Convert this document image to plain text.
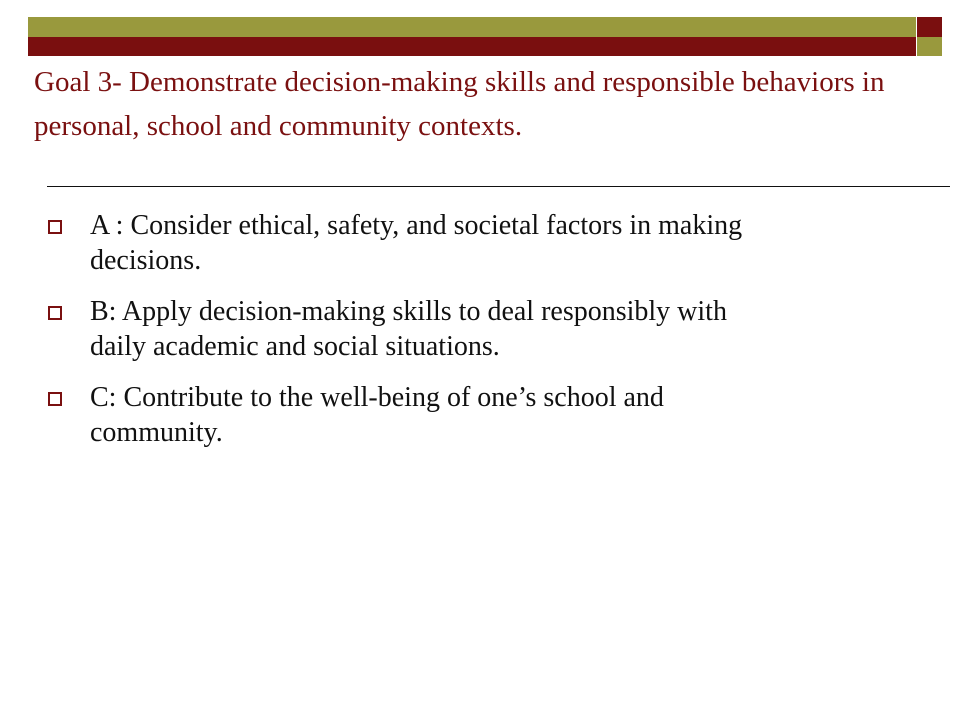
Goal 3- Demonstrate decision-making skills and responsible behaviors in personal, school and community contexts.
A : Consider ethical, safety, and societal factors in making decisions.
B: Apply decision-making skills to deal responsibly with daily academic and social situations.
C: Contribute to the well-being of one’s school and community.
